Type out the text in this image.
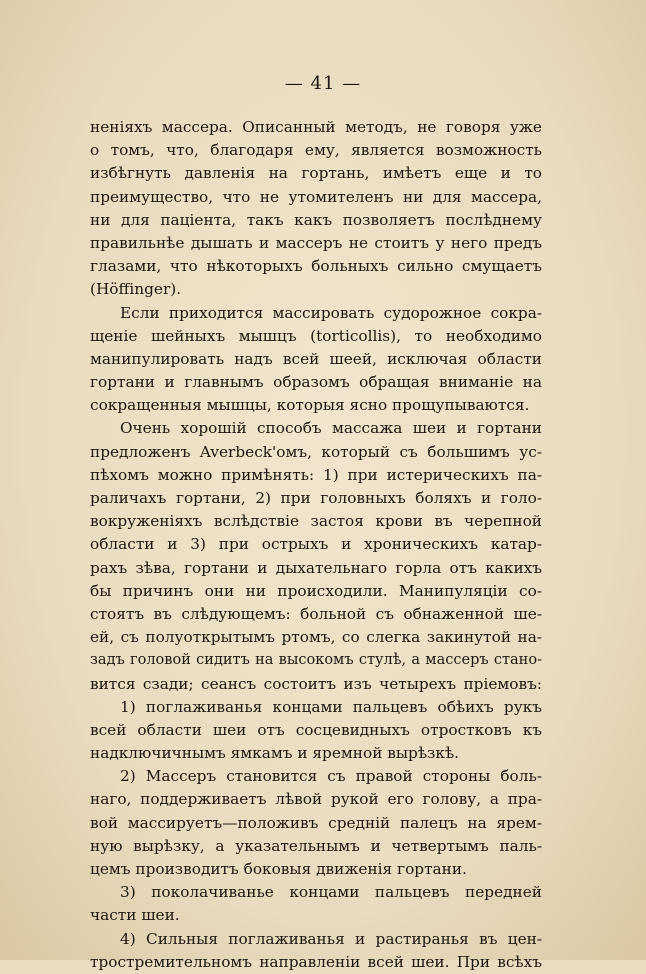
— 41 —
неніяхъ массера. Описанный методъ, не говоря уже
о томъ, что, благодаря ему, является возможность
избѣгнуть давленія на гортань, имѣетъ еще и то
преимущество, что не утомителенъ ни для массера,
ни для паціента, такъ какъ позволяетъ послѣднему
правильнѣе дышать и массеръ не стоитъ у него предъ
глазами, что нѣкоторыхъ больныхъ сильно смущаетъ
(Höffinger).
Если приходится массировать судорожное сокра-
щеніе шейныхъ мышцъ (torticollis), то необходимо
манипулировать надъ всей шеей, исключая области
гортани и главнымъ образомъ обращая вниманіе на
сокращенныя мышцы, которыя ясно прощупываются.
Очень хорошій способъ массажа шеи и гортани
предложенъ Averbeck'омъ, который съ большимъ ус-
пѣхомъ можно примѣнять: 1) при истерическихъ па-
раличахъ гортани, 2) при головныхъ боляхъ и голо-
вокруженіяхъ вслѣдствіе застоя крови въ черепной
области и 3) при острыхъ и хроническихъ катар-
рахъ зѣва, гортани и дыхательнаго горла отъ какихъ
бы причинъ они ни происходили. Манипуляціи со-
стоятъ въ слѣдующемъ: больной съ обнаженной ше-
ей, съ полуоткрытымъ ртомъ, со слегка закинутой на-
задъ головой сидитъ на высокомъ стулѣ, а массеръ стано-
вится сзади; сеансъ состоитъ изъ четырехъ пріемовъ:
1) поглаживанья концами пальцевъ обѣихъ рукъ
всей области шеи отъ сосцевидныхъ отростковъ къ
надключичнымъ ямкамъ и яремной вырѣзкѣ.
2) Массеръ становится съ правой стороны боль-
наго, поддерживаетъ лѣвой рукой его голову, а пра-
вой массируетъ—положивъ средній палецъ на ярем-
ную вырѣзку, а указательнымъ и четвертымъ паль-
цемъ производитъ боковыя движенія гортани.
3) поколачиванье концами пальцевъ передней
части шеи.
4) Сильныя поглаживанья и растиранья въ цен-
тростремительномъ направленіи всей шеи. При всѣхъ
